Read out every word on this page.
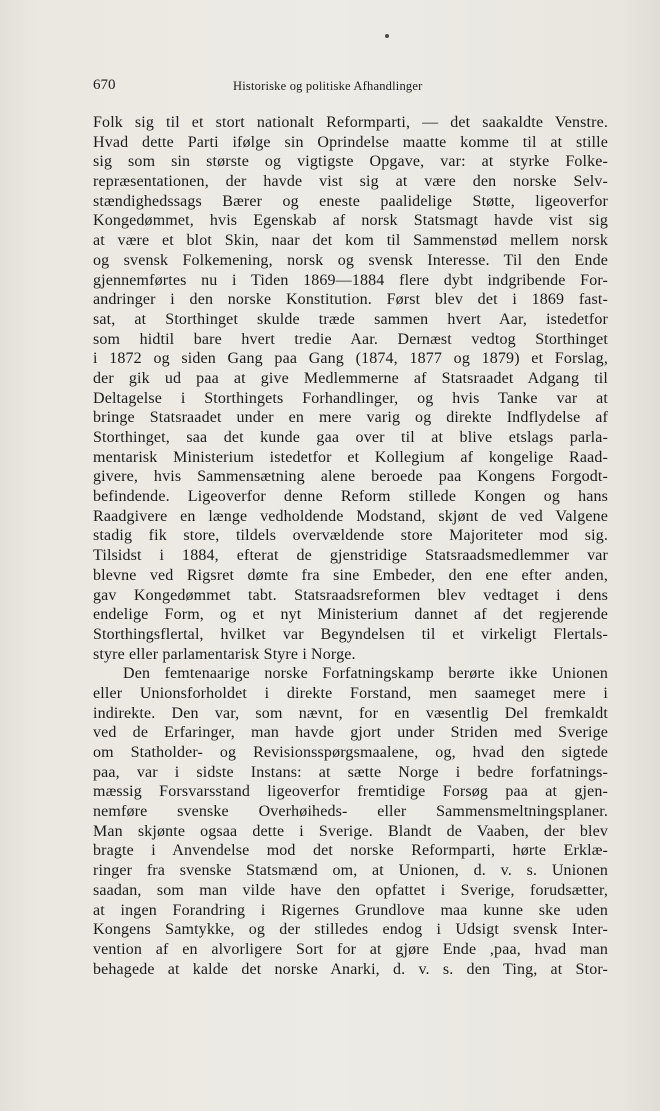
670	Historiske og politiske Afhandlinger
Folk sig til et stort nationalt Reformparti, — det saakaldte Venstre.
Hvad dette Parti ifølge sin Oprindelse maatte komme til at stille
sig som sin største og vigtigste Opgave, var: at styrke Folke-
repræsentationen, der havde vist sig at være den norske Selv-
stændighedssags Bærer og eneste paalidelige Støtte, ligeoverfor
Kongedømmet, hvis Egenskab af norsk Statsmagt havde vist sig
at være et blot Skin, naar det kom til Sammenstød mellem norsk
og svensk Folkemening, norsk og svensk Interesse. Til den Ende
gjennemførtes nu i Tiden 1869—1884 flere dybt indgribende For-
andringer i den norske Konstitution. Først blev det i 1869 fast-
sat, at Storthinget skulde træde sammen hvert Aar, istedetfor
som hidtil bare hvert tredie Aar. Dernæst vedtog Storthinget
i 1872 og siden Gang paa Gang (1874, 1877 og 1879) et Forslag,
der gik ud paa at give Medlemmerne af Statsraadet Adgang til
Deltagelse i Storthingets Forhandlinger, og hvis Tanke var at
bringe Statsraadet under en mere varig og direkte Indflydelse af
Storthinget, saa det kunde gaa over til at blive etslags parla-
mentarisk Ministerium istedetfor et Kollegium af kongelige Raad-
givere, hvis Sammensætning alene beroede paa Kongens Forgodt-
befindende. Ligeoverfor denne Reform stillede Kongen og hans
Raadgivere en længe vedholdende Modstand, skjønt de ved Valgene
stadig fik store, tildels overvældende store Majoriteter mod sig.
Tilsidst i 1884, efterat de gjenstridige Statsraadsmedlemmer var
blevne ved Rigsret dømte fra sine Embeder, den ene efter anden,
gav Kongedømmet tabt. Statsraadsreformen blev vedtaget i dens
endelige Form, og et nyt Ministerium dannet af det regjerende
Storthingsflertal, hvilket var Begyndelsen til et virkeligt Flertals-
styre eller parlamentarisk Styre i Norge.
Den femtenaarige norske Forfatningskamp berørte ikke Unionen
eller Unionsforholdet i direkte Forstand, men saameget mere i
indirekte. Den var, som nævnt, for en væsentlig Del fremkaldt
ved de Erfaringer, man havde gjort under Striden med Sverige
om Statholder- og Revisionsspørgsmaalene, og, hvad den sigtede
paa, var i sidste Instans: at sætte Norge i bedre forfatnings-
mæssig Forsvarsstand ligeoverfor fremtidige Forsøg paa at gjen-
nemføre svenske Overhøiheds- eller Sammensmeltningsplaner.
Man skjønte ogsaa dette i Sverige. Blandt de Vaaben, der blev
bragte i Anvendelse mod det norske Reformparti, hørte Erklæ-
ringer fra svenske Statsmænd om, at Unionen, d. v. s. Unionen
saadan, som man vilde have den opfattet i Sverige, forudsætter,
at ingen Forandring i Rigernes Grundlove maa kunne ske uden
Kongens Samtykke, og der stilledes endog i Udsigt svensk Inter-
vention af en alvorligere Sort for at gjøre Ende ,paa, hvad man
behagede at kalde det norske Anarki, d. v. s. den Ting, at Stor-
